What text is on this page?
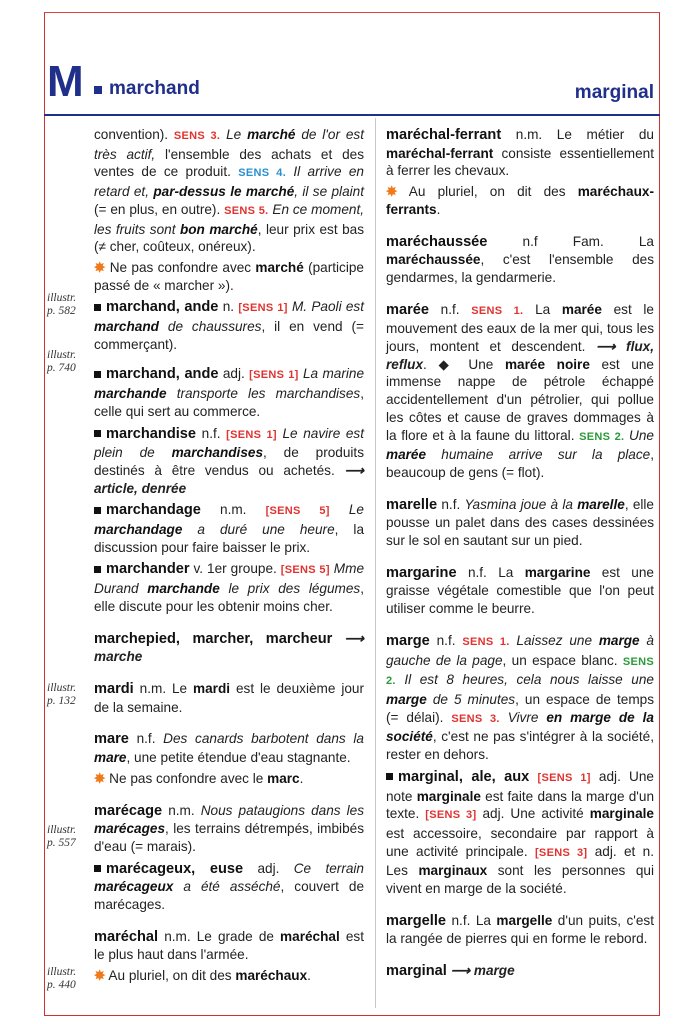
M marchand	marginal
illustr.
p. 582
illustr.
p. 740
illustr.
p. 132
illustr.
p. 557
illustr.
p. 440

convention). SENS 3. Le marché de l'or est très actif, l'ensemble des achats et des ventes de ce produit. SENS 4. Il arrive en retard et, par-dessus le marché, il se plaint (= en plus, en outre). SENS 5. En ce moment, les fruits sont bon marché, leur prix est bas (≠ cher, coûteux, onéreux).

✸ Ne pas confondre avec marché (participe passé de « marcher »).

marchand, ande n. [SENS 1] M. Paoli est marchand de chaussures, il en vend (= commerçant).

marchand, ande adj. [SENS 1] La marine marchande transporte les marchandises, celle qui sert au commerce.

marchandise n.f. [SENS 1] Le navire est plein de marchandises, de produits destinés à être vendus ou achetés. ⟶ article, denrée

marchandage n.m. [SENS 5] Le marchandage a duré une heure, la discussion pour faire baisser le prix.

marchander v. 1er groupe. [SENS 5] Mme Durand marchande le prix des légumes, elle discute pour les obtenir moins cher.

marchepied, marcher, marcheur ⟶ marche

mardi n.m. Le mardi est le deuxième jour de la semaine.

mare n.f. Des canards barbotent dans la mare, une petite étendue d'eau stagnante.

✸ Ne pas confondre avec le marc.

marécage n.m. Nous pataugions dans les marécages, les terrains détrempés, imbibés d'eau (= marais).

marécageux, euse adj. Ce terrain marécageux a été asséché, couvert de marécages.

maréchal n.m. Le grade de maréchal est le plus haut dans l'armée.

✸ Au pluriel, on dit des maréchaux.

maréchal-ferrant n.m. Le métier du maréchal-ferrant consiste essentiellement à ferrer les chevaux.

✸ Au pluriel, on dit des maréchaux-ferrants.

maréchaussée n.f Fam. La maréchaussée, c'est l'ensemble des gendarmes, la gendarmerie.

marée n.f. SENS 1. La marée est le mouvement des eaux de la mer qui, tous les jours, montent et descendent. ⟶ flux, reflux. ◆ Une marée noire est une immense nappe de pétrole échappé accidentellement d'un pétrolier, qui pollue les côtes et cause de graves dommages à la flore et à la faune du littoral. SENS 2. Une marée humaine arrive sur la place, beaucoup de gens (= flot).

marelle n.f. Yasmina joue à la marelle, elle pousse un palet dans des cases dessinées sur le sol en sautant sur un pied.

margarine n.f. La margarine est une graisse végétale comestible que l'on peut utiliser comme le beurre.

marge n.f. SENS 1. Laissez une marge à gauche de la page, un espace blanc. SENS 2. Il est 8 heures, cela nous laisse une marge de 5 minutes, un espace de temps (= délai). SENS 3. Vivre en marge de la société, c'est ne pas s'intégrer à la société, rester en dehors.

marginal, ale, aux [SENS 1] adj. Une note marginale est faite dans la marge d'un texte. [SENS 3] adj. Une activité marginale est accessoire, secondaire par rapport à une activité principale. [SENS 3] adj. et n. Les marginaux sont les personnes qui vivent en marge de la société.

margelle n.f. La margelle d'un puits, c'est la rangée de pierres qui en forme le rebord.

marginal ⟶ marge
